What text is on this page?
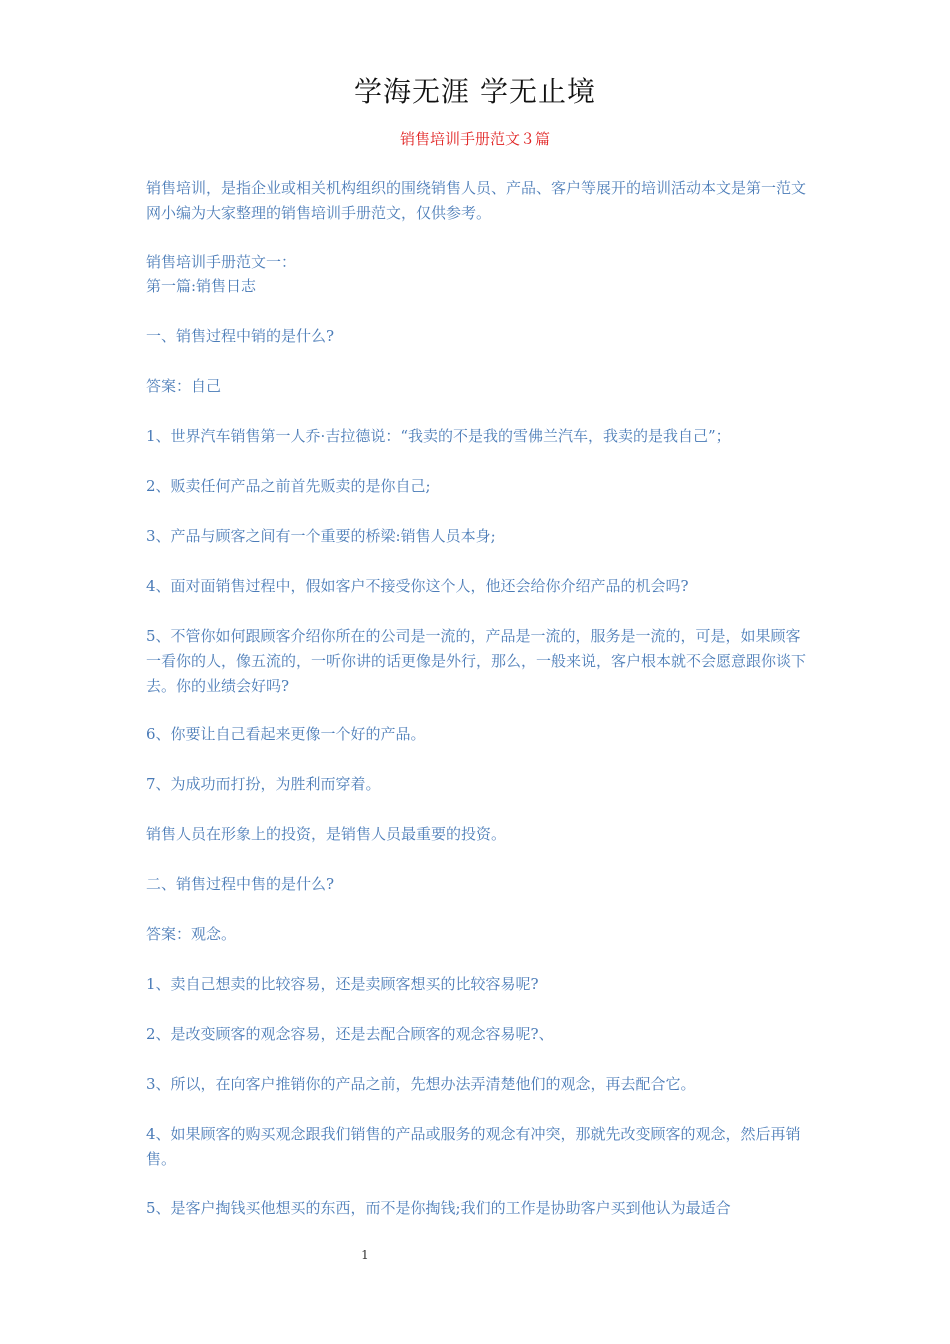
学海无涯 学无止境
销售培训手册范文３篇
销售培训，是指企业或相关机构组织的围绕销售人员、产品、客户等展开的培训活动本文是第一范文网小编为大家整理的销售培训手册范文，仅供参考。
销售培训手册范文一：
第一篇:销售日志
一、销售过程中销的是什么?
答案：自己
1、世界汽车销售第一人乔·吉拉德说：“我卖的不是我的雪佛兰汽车，我卖的是我自己”；
2、贩卖任何产品之前首先贩卖的是你自己;
3、产品与顾客之间有一个重要的桥梁:销售人员本身;
4、面对面销售过程中，假如客户不接受你这个人，他还会给你介绍产品的机会吗?
5、不管你如何跟顾客介绍你所在的公司是一流的，产品是一流的，服务是一流的，可是，如果顾客一看你的人，像五流的，一听你讲的话更像是外行，那么，一般来说，客户根本就不会愿意跟你谈下去。你的业绩会好吗?
6、你要让自己看起来更像一个好的产品。
7、为成功而打扮，为胜利而穿着。
销售人员在形象上的投资，是销售人员最重要的投资。
二、销售过程中售的是什么?
答案：观念。
1、卖自己想卖的比较容易，还是卖顾客想买的比较容易呢?
2、是改变顾客的观念容易，还是去配合顾客的观念容易呢?、
3、所以，在向客户推销你的产品之前，先想办法弄清楚他们的观念，再去配合它。
4、如果顾客的购买观念跟我们销售的产品或服务的观念有冲突，那就先改变顾客的观念，然后再销售。
5、是客户掏钱买他想买的东西，而不是你掏钱;我们的工作是协助客户买到他认为最适合
1
